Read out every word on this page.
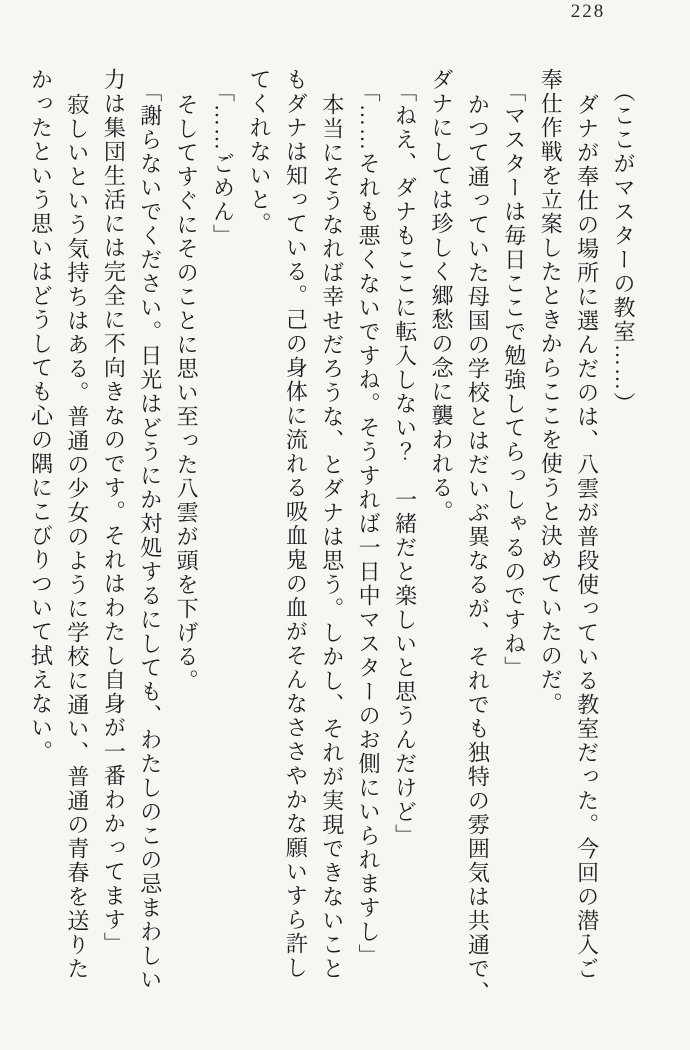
228
（ここがマスターの教室……）
ダナが奉仕の場所に選んだのは、八雲が普段使っている教室だった。今回の潜入ご
奉仕作戦を立案したときからここを使うと決めていたのだ。
「マスターは毎日ここで勉強してらっしゃるのですね」
かつて通っていた母国の学校とはだいぶ異なるが、それでも独特の雰囲気は共通で、
ダナにしては珍しく郷愁の念に襲われる。
「ねえ、ダナもここに転入しない？　一緒だと楽しいと思うんだけど」
「……それも悪くないですね。そうすれば一日中マスターのお側にいられますし」
本当にそうなれば幸せだろうな、とダナは思う。しかし、それが実現できないこと
もダナは知っている。己の身体に流れる吸血鬼の血がそんなささやかな願いすら許し
てくれないと。
「……ごめん」
そしてすぐにそのことに思い至った八雲が頭を下げる。
「謝らないでください。日光はどうにか対処するにしても、わたしのこの忌まわしい
力は集団生活には完全に不向きなのです。それはわたし自身が一番わかってます」
寂しいという気持ちはある。普通の少女のように学校に通い、普通の青春を送りた
かったという思いはどうしても心の隅にこびりついて拭えない。
